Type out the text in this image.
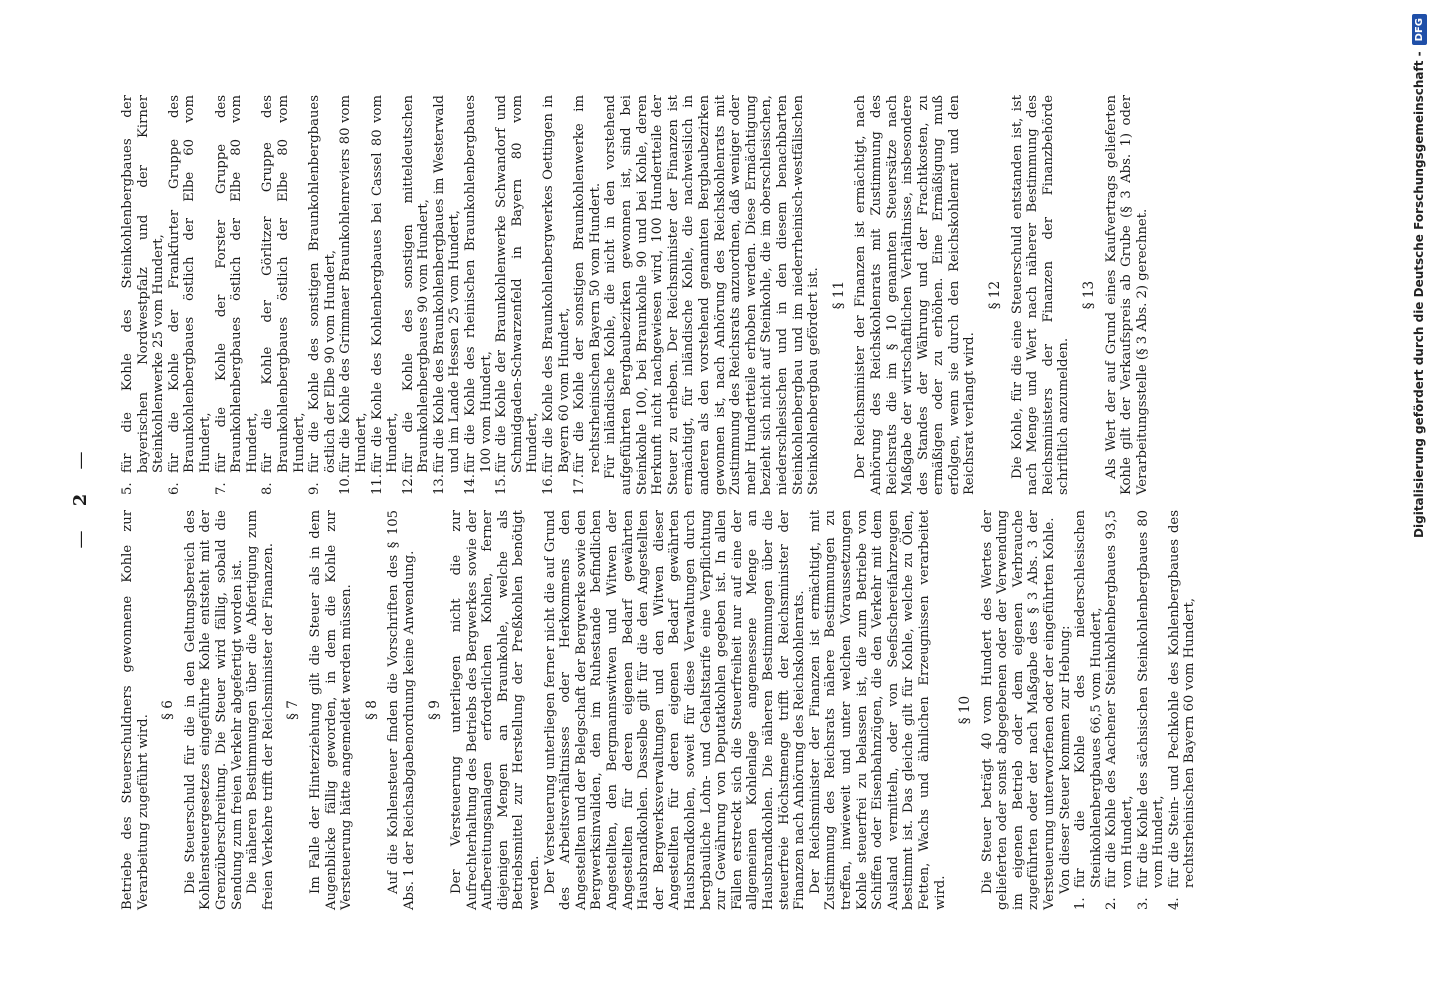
— 2 —

Betriebe des Steuerschuldners gewonnene Kohle zur Verarbeitung zugeführt wird.

§ 6 Die Steuerschuld für die in den Geltungsbereich des Kohlensteuergesetzes eingeführte Kohle entsteht mit der Grenzüberschreitung. Die Steuer wird fällig, sobald die Sendung zum freien Verkehr abgefertigt worden ist. Die näheren Bestimmungen über die Abfertigung zum freien Verkehre trifft der Reichsminister der Finanzen. § 7 Im Falle der Hinterziehung gilt die Steuer als in dem Augenblicke fällig geworden, in dem die Kohle zur Versteuerung hätte angemeldet werden müssen. § 8 Auf die Kohlensteuer finden die Vorschriften des § 105 Abs. 1 der Reichsabgabenordnung keine Anwendung. § 9 Der Versteuerung unterliegen nicht die zur Aufrechterhaltung des Betriebs des Bergwerkes sowie der Aufbereitungsanlagen erforderlichen Kohlen, ferner diejenigen Mengen an Braunkohle, welche als Betriebsmittel zur Herstellung der Preßkohlen benötigt werden. Der Versteuerung unterliegen ferner nicht die auf Grund des Arbeitsverhältnisses oder Herkommens den Angestellten und der Belegschaft der Bergwerke sowie den Bergwerksinvaliden, den im Ruhestande befindlichen Angestellten, den Bergmannswitwen und Witwen der Angestellten für deren eigenen Bedarf gewährten Hausbrandkohlen. Dasselbe gilt für die den Angestellten der Bergwerksverwaltungen und den Witwen dieser Angestellten für deren eigenen Bedarf gewährten Hausbrandkohlen, soweit für diese Verwaltungen durch bergbauliche Lohn- und Gehaltstarife eine Verpflichtung zur Gewährung von Deputatkohlen gegeben ist. In allen Fällen erstreckt sich die Steuerfreiheit nur auf eine der allgemeinen Kohlenlage angemessene Menge an Hausbrandkohlen. Die näheren Bestimmungen über die steuerfreie Höchstmenge trifft der Reichsminister der Finanzen nach Anhörung des Reichskohlenrats. Der Reichsminister der Finanzen ist ermächtigt, mit Zustimmung des Reichsrats nähere Bestimmungen zu treffen, inwieweit und unter welchen Voraussetzungen Kohle steuerfrei zu belassen ist, die zum Betriebe von Schiffen oder Eisenbahnzügen, die den Verkehr mit dem Ausland vermitteln, oder von Seefischereifahrzeugen bestimmt ist. Das gleiche gilt für Kohle, welche zu Ölen, Fetten, Wachs und ähnlichen Erzeugnissen verarbeitet wird.

§ 10 Die Steuer beträgt 40 vom Hundert des Wertes der gelieferten oder sonst abgegebenen oder der Verwendung im eigenen Betrieb oder dem eigenen Verbrauche zugeführten oder der nach Maßgabe des § 3 Abs. 3 der Versteuerung unterworfenen oder der eingeführten Kohle. Von dieser Steuer kommen zur Hebung:

1.
für die Kohle des niederschlesischen Steinkohlenbergbaues 66,5 vom Hundert,
2.
für die Kohle des Aachener Steinkohlenbergbaues 93,5 vom Hundert,
3.
für die Kohle des sächsischen Steinkohlenbergbaues 80 vom Hundert,
4.
für die Stein- und Pechkohle des Kohlenbergbaues des rechtsrheinischen Bayern 60 vom Hundert,
5.
für die Kohle des Steinkohlenbergbaues der bayerischen Nordwestpfalz und der Kirner Steinkohlenwerke 25 vom Hundert,
6.
für die Kohle der Frankfurter Gruppe des Braunkohlenbergbaues östlich der Elbe 60 vom Hundert,
7.
für die Kohle der Forster Gruppe des Braunkohlenbergbaues östlich der Elbe 80 vom Hundert,
8.
für die Kohle der Görlitzer Gruppe des Braunkohlenbergbaues östlich der Elbe 80 vom Hundert,
9.
für die Kohle des sonstigen Braunkohlenbergbaues östlich der Elbe 90 vom Hundert,
10.
für die Kohle des Grimmaer Braunkohlenreviers 80 vom Hundert,
11.
für die Kohle des Kohlenbergbaues bei Cassel 80 vom Hundert,
12.
für die Kohle des sonstigen mitteldeutschen Braunkohlenbergbaues 90 vom Hundert,
13.
für die Kohle des Braunkohlenbergbaues im Westerwald und im Lande Hessen 25 vom Hundert,
14.
für die Kohle des rheinischen Braunkohlenbergbaues 100 vom Hundert,
15.
für die Kohle der Braunkohlenwerke Schwandorf und Schmidgaden-Schwarzenfeld in Bayern 80 vom Hundert,
16.
für die Kohle des Braunkohlenbergwerkes Oettingen in Bayern 60 vom Hundert,
17.
für die Kohle der sonstigen Braunkohlenwerke im rechtsrheinischen Bayern 50 vom Hundert. Für inländische Kohle, die nicht in den vorstehend aufgeführten Bergbaubezirken gewonnen ist, sind bei Steinkohle 100, bei Braunkohle 90 und bei Kohle, deren Herkunft nicht nachgewiesen wird, 100 Hundertteile der Steuer zu erheben. Der Reichsminister der Finanzen ist ermächtigt, für inländische Kohle, die nachweislich in anderen als den vorstehend genannten Bergbaubezirken gewonnen ist, nach Anhörung des Reichskohlenrats mit Zustimmung des Reichsrats anzuordnen, daß weniger oder mehr Hundertteile erhoben werden. Diese Ermächtigung bezieht sich nicht auf Steinkohle, die im oberschlesischen, niederschlesischen und in den diesem benachbarten Steinkohlenbergbau und im niederrheinisch-westfälischen Steinkohlenbergbau gefördert ist. § 11 Der Reichsminister der Finanzen ist ermächtigt, nach Anhörung des Reichskohlenrats mit Zustimmung des Reichsrats die im § 10 genannten Steuersätze nach Maßgabe der wirtschaftlichen Verhältnisse, insbesondere des Standes der Währung und der Frachtkosten, zu ermäßigen oder zu erhöhen. Eine Ermäßigung muß erfolgen, wenn sie durch den Reichskohlenrat und den Reichsrat verlangt wird.

§ 12 Die Kohle, für die eine Steuerschuld entstanden ist, ist nach Menge und Wert nach näherer Bestimmung des Reichsministers der Finanzen der Finanzbehörde schriftlich anzumelden.

§ 13 Als Wert der auf Grund eines Kaufvertrags gelieferten Kohle gilt der Verkaufspreis ab Grube (§ 3 Abs. 1) oder Verarbeitungsstelle (§ 3 Abs. 2) gerechnet.	Digitalisierung gefördert durch die Deutsche Forschungsgemeinschaft -
DFG
